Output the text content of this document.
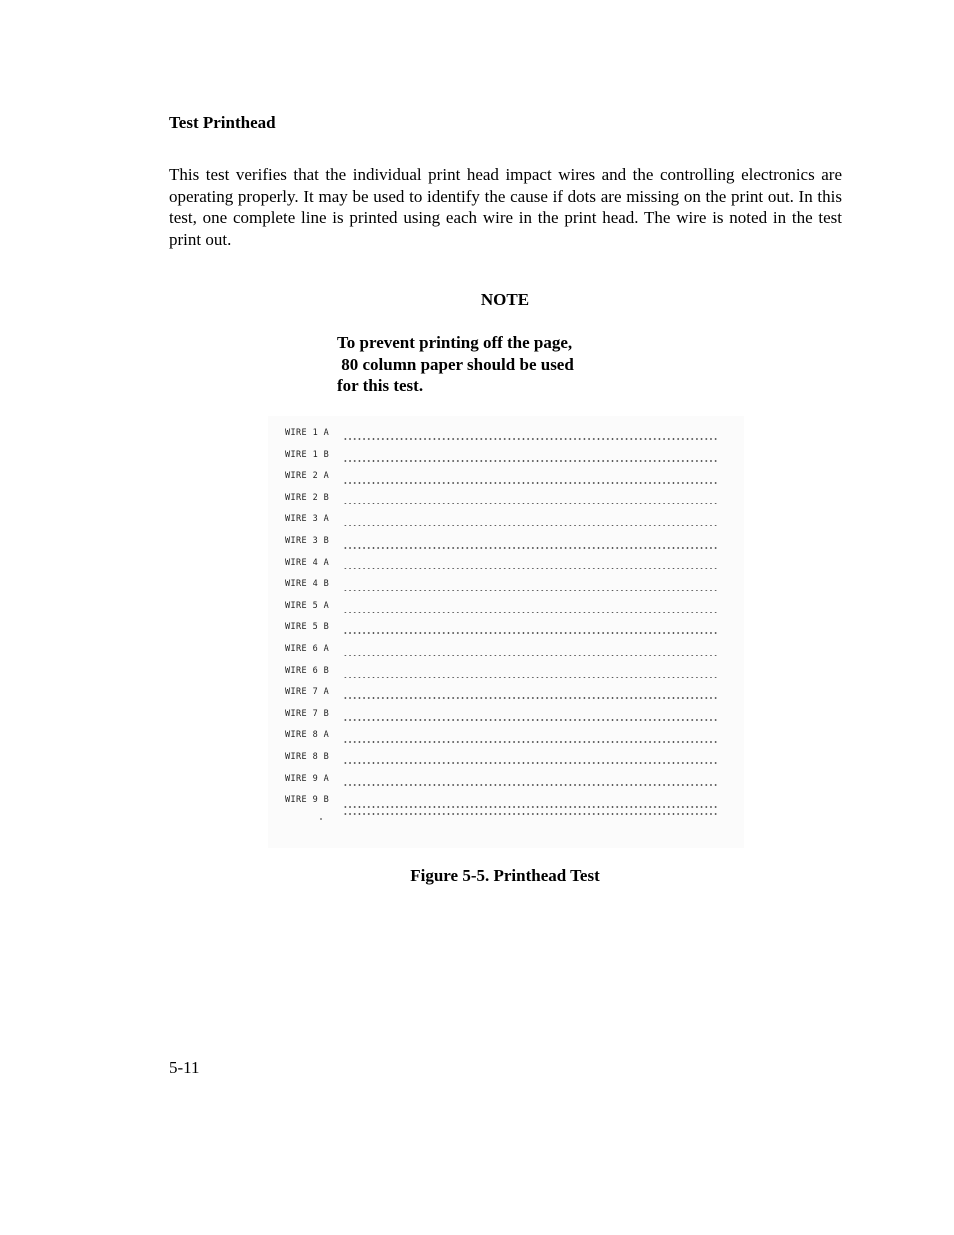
Test Printhead

This test verifies that the individual print head impact wires and the controlling electronics are operating properly. It may be used to identify the cause if dots are missing on the print out. In this test, one complete line is printed using each wire in the print head. The wire is noted in the test print out.

NOTE
To prevent printing off the page,
80 column paper should be used
for this test.
WIRE 1 A
WIRE 1 B
WIRE 2 A
WIRE 2 B
WIRE 3 A
WIRE 3 B
WIRE 4 A
WIRE 4 B
WIRE 5 A
WIRE 5 B
WIRE 6 A
WIRE 6 B
WIRE 7 A
WIRE 7 B
WIRE 8 A
WIRE 8 B
WIRE 9 A
WIRE 9 B
Figure 5-5. Printhead Test
5-11
